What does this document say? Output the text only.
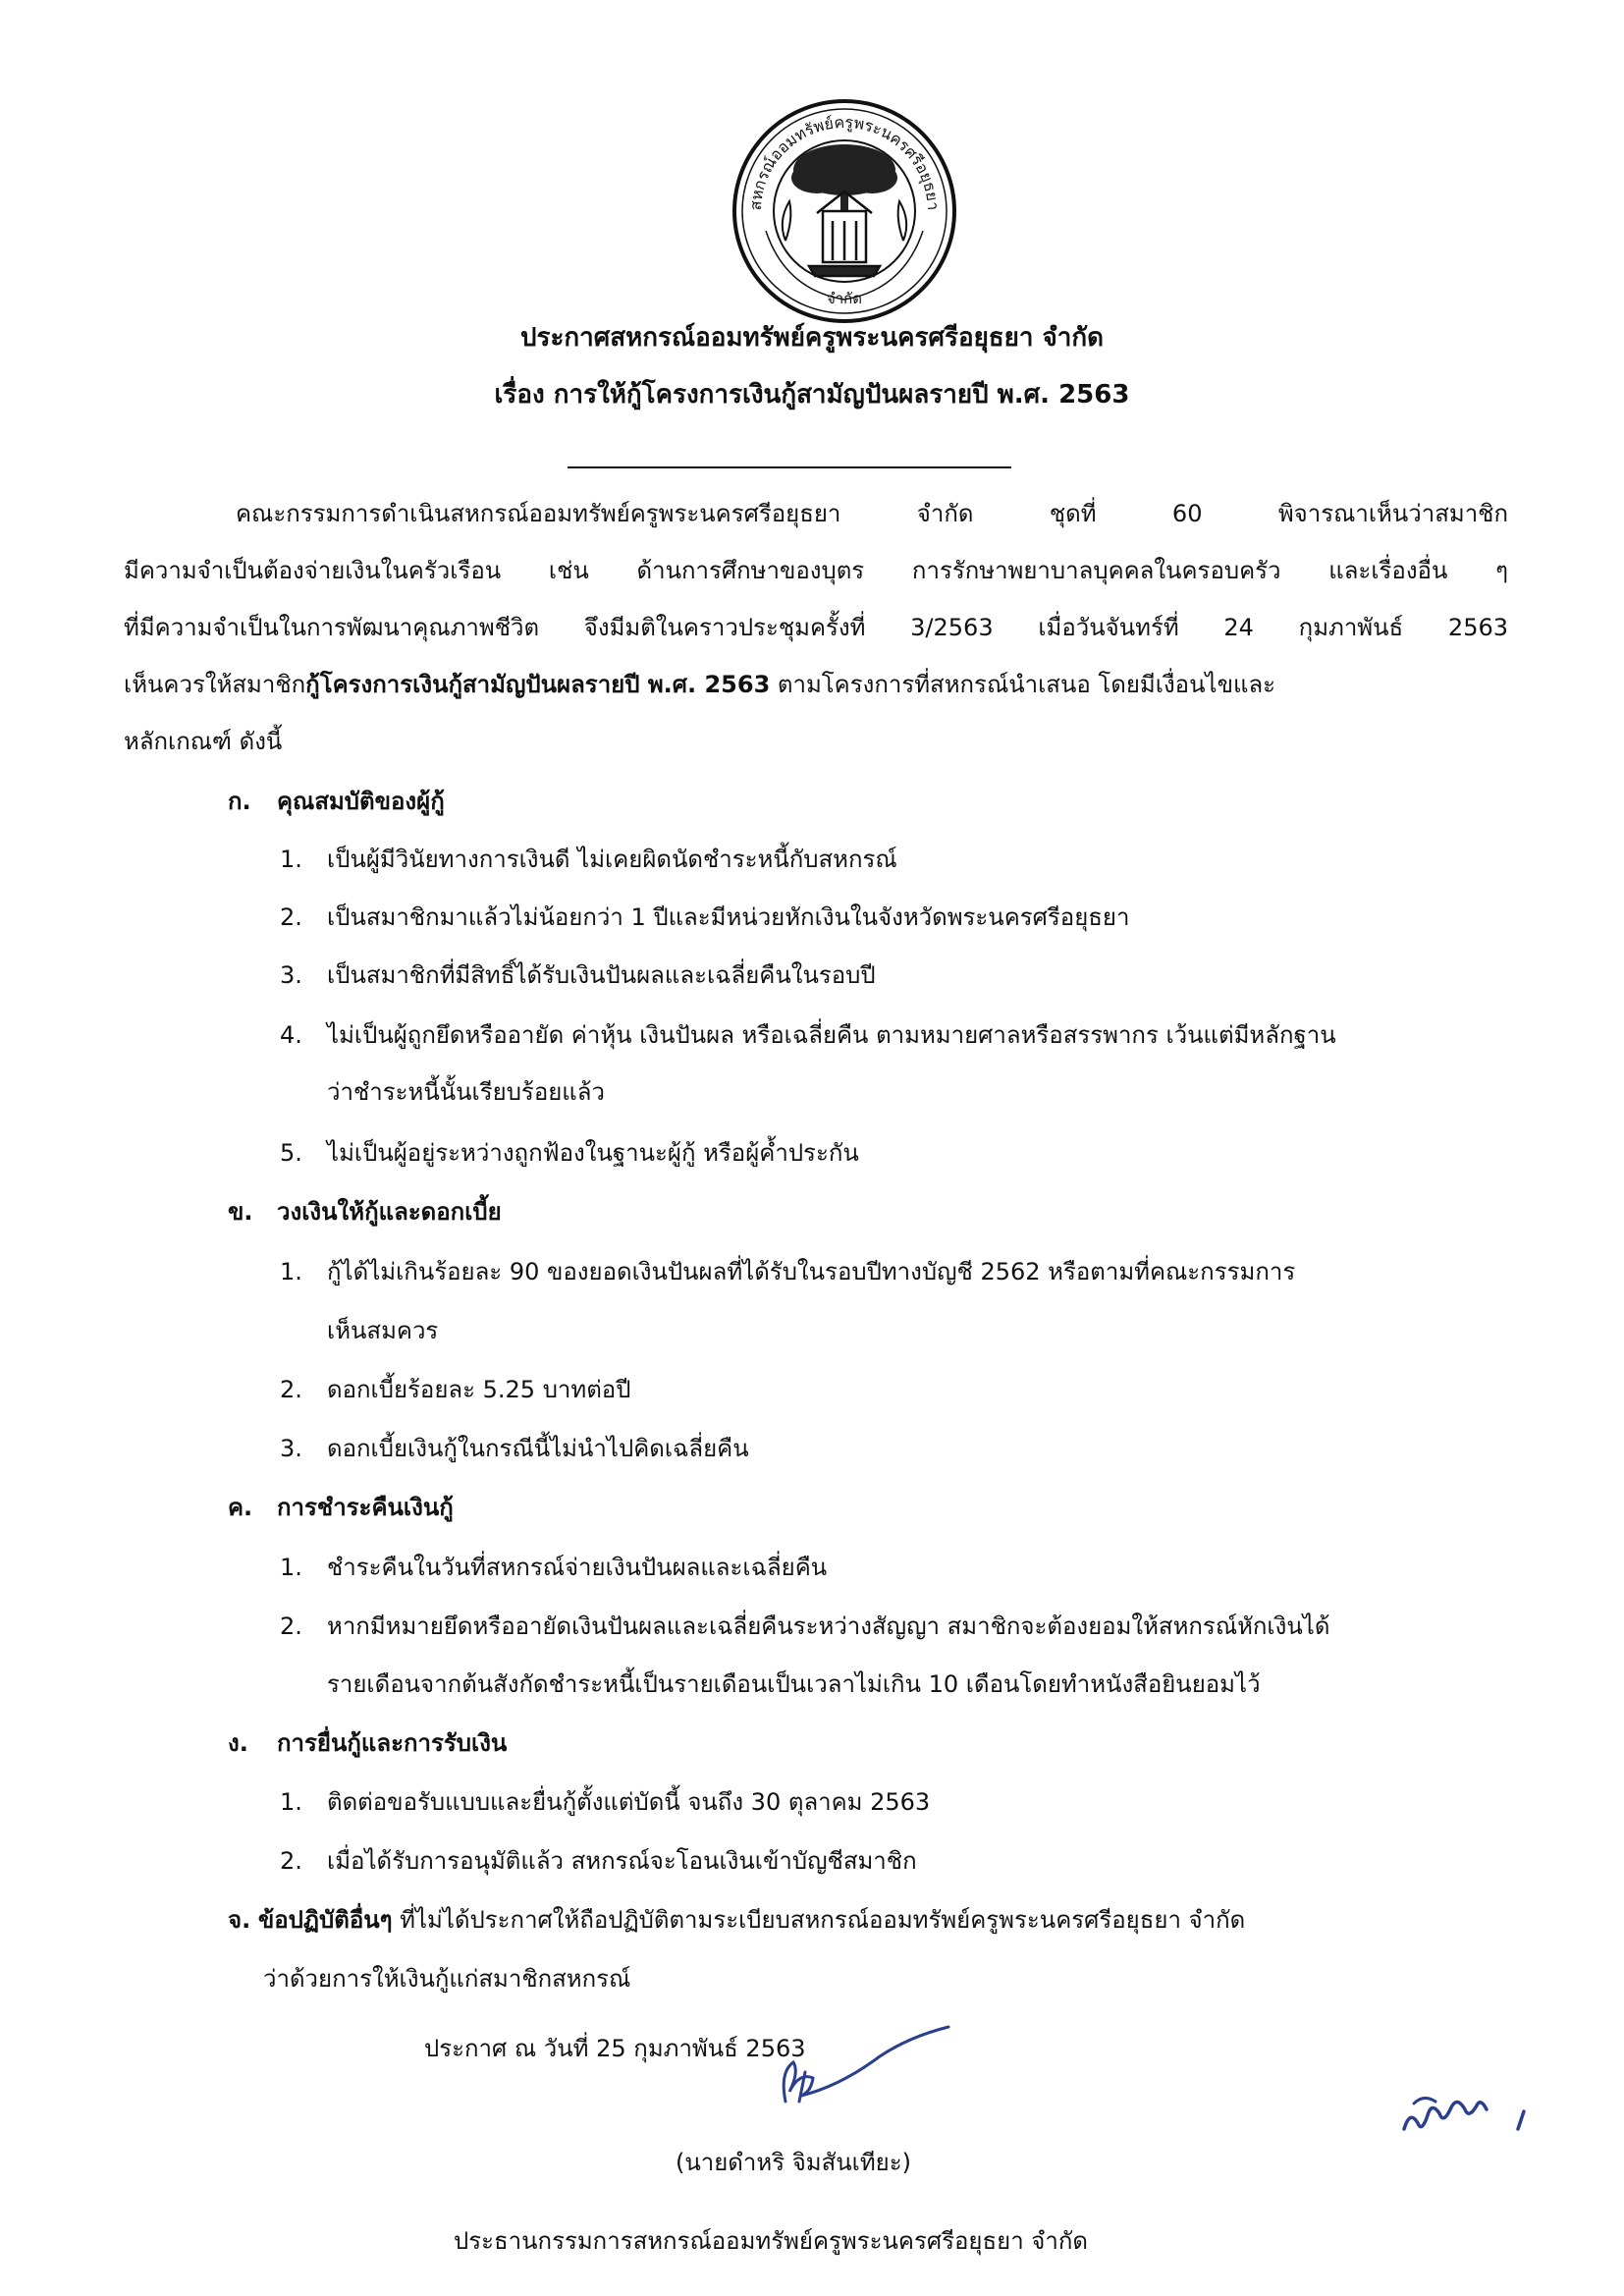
สหกรณ์ออมทรัพย์ครูพระนครศรีอยุธยา
จำกัด
ประกาศสหกรณ์ออมทรัพย์ครูพระนครศรีอยุธยา จำกัด
เรื่อง การให้กู้โครงการเงินกู้สามัญปันผลรายปี พ.ศ. 2563
คณะกรรมการดำเนินสหกรณ์ออมทรัพย์ครูพระนครศรีอยุธยา จำกัด ชุดที่ 60 พิจารณาเห็นว่าสมาชิก
มีความจำเป็นต้องจ่ายเงินในครัวเรือน เช่น ด้านการศึกษาของบุตร การรักษาพยาบาลบุคคลในครอบครัว และเรื่องอื่น ๆ
ที่มีความจำเป็นในการพัฒนาคุณภาพชีวิต จึงมีมติในคราวประชุมครั้งที่ 3/2563 เมื่อวันจันทร์ที่ 24 กุมภาพันธ์ 2563
เห็นควรให้สมาชิกกู้โครงการเงินกู้สามัญปันผลรายปี พ.ศ. 2563 ตามโครงการที่สหกรณ์นำเสนอ โดยมีเงื่อนไขและ
หลักเกณฑ์ ดังนี้
ก. คุณสมบัติของผู้กู้
1. เป็นผู้มีวินัยทางการเงินดี ไม่เคยผิดนัดชำระหนี้กับสหกรณ์
2. เป็นสมาชิกมาแล้วไม่น้อยกว่า 1 ปีและมีหน่วยหักเงินในจังหวัดพระนครศรีอยุธยา
3. เป็นสมาชิกที่มีสิทธิ์ได้รับเงินปันผลและเฉลี่ยคืนในรอบปี
4. ไม่เป็นผู้ถูกยึดหรืออายัด ค่าหุ้น เงินปันผล หรือเฉลี่ยคืน ตามหมายศาลหรือสรรพากร เว้นแต่มีหลักฐาน
ว่าชำระหนี้นั้นเรียบร้อยแล้ว
5. ไม่เป็นผู้อยู่ระหว่างถูกฟ้องในฐานะผู้กู้ หรือผู้ค้ำประกัน
ข. วงเงินให้กู้และดอกเบี้ย
1. กู้ได้ไม่เกินร้อยละ 90 ของยอดเงินปันผลที่ได้รับในรอบปีทางบัญชี 2562 หรือตามที่คณะกรรมการ
เห็นสมควร
2. ดอกเบี้ยร้อยละ 5.25 บาทต่อปี
3. ดอกเบี้ยเงินกู้ในกรณีนี้ไม่นำไปคิดเฉลี่ยคืน
ค. การชำระคืนเงินกู้
1. ชำระคืนในวันที่สหกรณ์จ่ายเงินปันผลและเฉลี่ยคืน
2. หากมีหมายยึดหรืออายัดเงินปันผลและเฉลี่ยคืนระหว่างสัญญา สมาชิกจะต้องยอมให้สหกรณ์หักเงินได้
รายเดือนจากต้นสังกัดชำระหนี้เป็นรายเดือนเป็นเวลาไม่เกิน 10 เดือนโดยทำหนังสือยินยอมไว้
ง. การยื่นกู้และการรับเงิน
1. ติดต่อขอรับแบบและยื่นกู้ตั้งแต่บัดนี้ จนถึง 30 ตุลาคม 2563
2. เมื่อได้รับการอนุมัติแล้ว สหกรณ์จะโอนเงินเข้าบัญชีสมาชิก
จ. ข้อปฏิบัติอื่นๆ ที่ไม่ได้ประกาศให้ถือปฏิบัติตามระเบียบสหกรณ์ออมทรัพย์ครูพระนครศรีอยุธยา จำกัด
ว่าด้วยการให้เงินกู้แก่สมาชิกสหกรณ์
ประกาศ ณ วันที่ 25 กุมภาพันธ์ 2563
(นายดำหริ จิมสันเทียะ)
ประธานกรรมการสหกรณ์ออมทรัพย์ครูพระนครศรีอยุธยา จำกัด
